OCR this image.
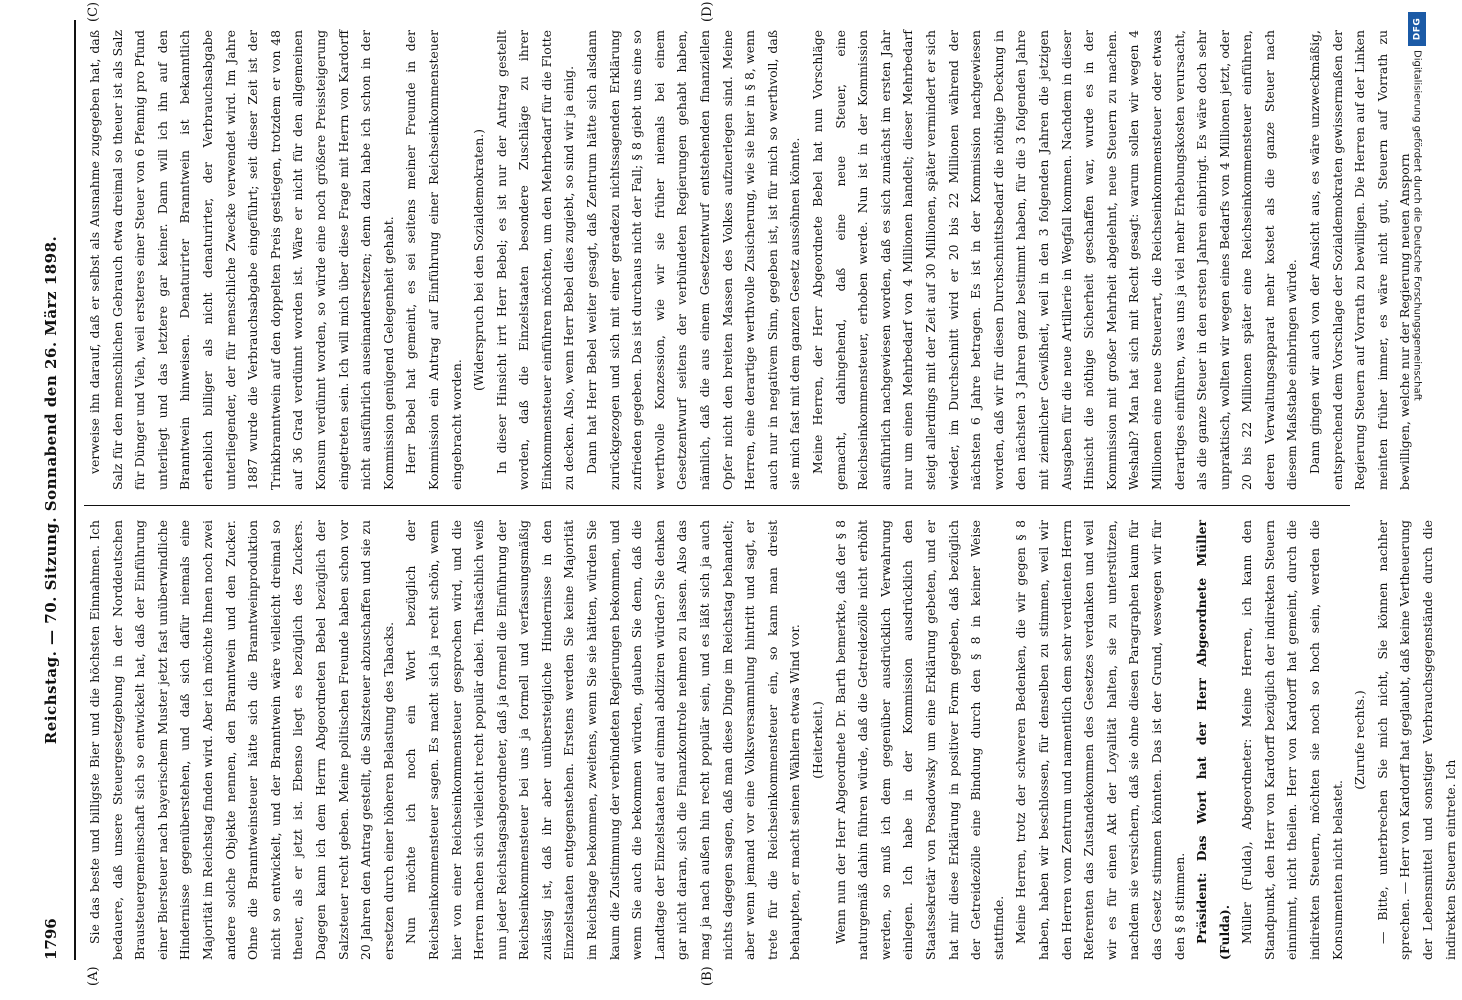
1796
Reichstag. — 70. Sitzung. Sonnabend den 26. März 1898.
(A)	(B)
(C)	(D)

Sie das beste und billigste Bier und die höchsten Einnahmen. Ich bedauere, daß unsere Steuergesetzgebung in der Norddeutschen Brausteuergemeinschaft sich so entwickelt hat, daß der Einführung einer Biersteuer nach bayerischem Muster jetzt fast unüberwindliche Hindernisse gegenüberstehen, und daß sich dafür niemals eine Majorität im Reichstag finden wird. Aber ich möchte Ihnen noch zwei andere solche Objekte nennen, den Branntwein und den Zucker. Ohne die Branntweinsteuer hätte sich die Branntweinproduktion nicht so entwickelt, und der Branntwein wäre vielleicht dreimal so theuer, als er jetzt ist. Ebenso liegt es bezüglich des Zuckers. Dagegen kann ich dem Herrn Abgeordneten Bebel bezüglich der Salzsteuer recht geben. Meine politischen Freunde haben schon vor 20 Jahren den Antrag gestellt, die Salzsteuer abzuschaffen und sie zu ersetzen durch einer höheren Belastung des Tabacks. Nun möchte ich noch ein Wort bezüglich der Reichseinkommensteuer sagen. Es macht sich ja recht schön, wenn hier von einer Reichseinkommensteuer gesprochen wird, und die Herren machen sich vielleicht recht populär dabei. Thatsächlich weiß nun jeder Reichstagsabgeordneter, daß ja formell die Einführung der Reichseinkommensteuer bei uns ja formell und verfassungsmäßig zulässig ist, daß ihr aber unübersteigliche Hindernisse in den Einzelstaaten entgegenstehen. Erstens werden Sie keine Majorität im Reichstage bekommen, zweitens, wenn Sie sie hätten, würden Sie kaum die Zustimmung der verbündeten Regierungen bekommen, und wenn Sie auch die bekommen würden, glauben Sie denn, daß die Landtage der Einzelstaaten auf einmal abdiziren würden? Sie denken gar nicht daran, sich die Finanzkontrole nehmen zu lassen. Also das mag ja nach außen hin recht populär sein, und es läßt sich ja auch nichts dagegen sagen, daß man diese Dinge im Reichstag behandelt; aber wenn jemand vor eine Volksversammlung hintritt und sagt, er trete für die Reichseinkommensteuer ein, so kann man dreist behaupten, er macht seinen Wählern etwas Wind vor. (Heiterkeit.) Wenn nun der Herr Abgeordnete Dr. Barth bemerkte, daß der § 8 naturgemäß dahin führen würde, daß die Getreidezölle nicht erhöht werden, so muß ich dem gegenüber ausdrücklich Verwahrung einlegen. Ich habe in der Kommission ausdrücklich den Staatssekretär von Posadowsky um eine Erklärung gebeten, und er hat mir diese Erklärung in positiver Form gegeben, daß bezüglich der Getreidezölle eine Bindung durch den § 8 in keiner Weise stattfinde. Meine Herren, trotz der schweren Bedenken, die wir gegen § 8 haben, haben wir beschlossen, für denselben zu stimmen, weil wir den Herren vom Zentrum und namentlich dem sehr verdienten Herrn Referenten das Zustandekommen des Gesetzes verdanken und weil wir es für einen Akt der Loyalität halten, sie zu unterstützen, nachdem sie versichern, daß sie ohne diesen Paragraphen kaum für das Gesetz stimmen könnten. Das ist der Grund, weswegen wir für den § 8 stimmen. Präsident: Das Wort hat der Herr Abgeordnete Müller (Fulda). Müller (Fulda), Abgeordneter: Meine Herren, ich kann den Standpunkt, den Herr von Kardorff bezüglich der indirekten Steuern einnimmt, nicht theilen. Herr von Kardorff hat gemeint, durch die indirekten Steuern, möchten sie noch so hoch sein, werden die Konsumenten nicht belastet.

(Zurufe rechts.) — Bitte, unterbrechen Sie mich nicht, Sie können nachher sprechen. — Herr von Kardorff hat geglaubt, daß keine Vertheuerung der Lebensmittel und sonstiger Verbrauchsgegenstände durch die indirekten Steuern eintrete. Ich

verweise ihn darauf, daß er selbst als Ausnahme zugegeben hat, daß Salz für den menschlichen Gebrauch etwa dreimal so theuer ist als Salz für Dünger und Vieh, weil ersteres einer Steuer von 6 Pfennig pro Pfund unterliegt und das letztere gar keiner. Dann will ich ihn auf den Branntwein hinweisen. Denaturirter Branntwein ist bekanntlich erheblich billiger als nicht denaturirter, der Verbrauchsabgabe unterliegender, der für menschliche Zwecke verwendet wird. Im Jahre 1887 wurde die Verbrauchsabgabe eingeführt; seit dieser Zeit ist der Trinkbranntwein auf den doppelten Preis gestiegen, trotzdem er von 48 auf 36 Grad verdünnt worden ist. Wäre er nicht für den allgemeinen Konsum verdünnt worden, so würde eine noch größere Preissteigerung eingetreten sein. Ich will mich über diese Frage mit Herrn von Kardorff nicht ausführlich auseinandersetzen; denn dazu habe ich schon in der Kommission genügend Gelegenheit gehabt. Herr Bebel hat gemeint, es sei seitens meiner Freunde in der Kommission ein Antrag auf Einführung einer Reichseinkommensteuer eingebracht worden.

(Widerspruch bei den Sozialdemokraten.) In dieser Hinsicht irrt Herr Bebel; es ist nur der Antrag gestellt worden, daß die Einzelstaaten besondere Zuschläge zu ihrer Einkommensteuer einführen möchten, um den Mehrbedarf für die Flotte zu decken. Also, wenn Herr Bebel dies zugiebt, so sind wir ja einig. Dann hat Herr Bebel weiter gesagt, daß Zentrum hätte sich alsdann zurückgezogen und sich mit einer geradezu nichtssagenden Erklärung zufrieden gegeben. Das ist durchaus nicht der Fall; § 8 giebt uns eine so werthvolle Konzession, wie wir sie früher niemals bei einem Gesetzentwurf seitens der verbündeten Regierungen gehabt haben, nämlich, daß die aus einem Gesetzentwurf entstehenden finanziellen Opfer nicht den breiten Massen des Volkes aufzuerlegen sind. Meine Herren, eine derartige werthvolle Zusicherung, wie sie hier in § 8, wenn auch nur in negativem Sinn, gegeben ist, ist für mich so werthvoll, daß sie mich fast mit dem ganzen Gesetz aussöhnen könnte. Meine Herren, der Herr Abgeordnete Bebel hat nun Vorschläge gemacht, dahingehend, daß eine neue Steuer, eine Reichseinkommensteuer, erhoben werde. Nun ist in der Kommission ausführlich nachgewiesen worden, daß es sich zunächst im ersten Jahr nur um einen Mehrbedarf von 4 Millionen handelt; dieser Mehrbedarf steigt allerdings mit der Zeit auf 30 Millionen, später vermindert er sich wieder, im Durchschnitt wird er 20 bis 22 Millionen während der nächsten 6 Jahre betragen. Es ist in der Kommission nachgewiesen worden, daß wir für diesen Durchschnittsbedarf die nöthige Deckung in den nächsten 3 Jahren ganz bestimmt haben, für die 3 folgenden Jahre mit ziemlicher Gewißheit, weil in den 3 folgenden Jahren die jetzigen Ausgaben für die neue Artillerie in Wegfall kommen. Nachdem in dieser Hinsicht die nöthige Sicherheit geschaffen war, wurde es in der Kommission mit großer Mehrheit abgelehnt, neue Steuern zu machen. Weshalb? Man hat sich mit Recht gesagt: warum sollen wir wegen 4 Millionen eine neue Steuerart, die Reichseinkommensteuer oder etwas derartiges einführen, was uns ja viel mehr Erhebungskosten verursacht, als die ganze Steuer in den ersten Jahren einbringt. Es wäre doch sehr unpraktisch, wollten wir wegen eines Bedarfs von 4 Millionen jetzt, oder 20 bis 22 Millionen später eine Reichseinkommensteuer einführen, deren Verwaltungsapparat mehr kostet als die ganze Steuer nach diesem Maßstabe einbringen würde. Dann gingen wir auch von der Ansicht aus, es wäre unzweckmäßig, entsprechend dem Vorschlage der Sozialdemokraten gewissermaßen der Regierung Steuern auf Vorrath zu bewilligen. Die Herren auf der Linken meinten früher immer, es wäre nicht gut, Steuern auf Vorrath zu bewilligen, welche nur der Regierung neuen Ansporn

DFG
Digitalisierung gefördert durch die Deutsche Forschungsgemeinschaft
